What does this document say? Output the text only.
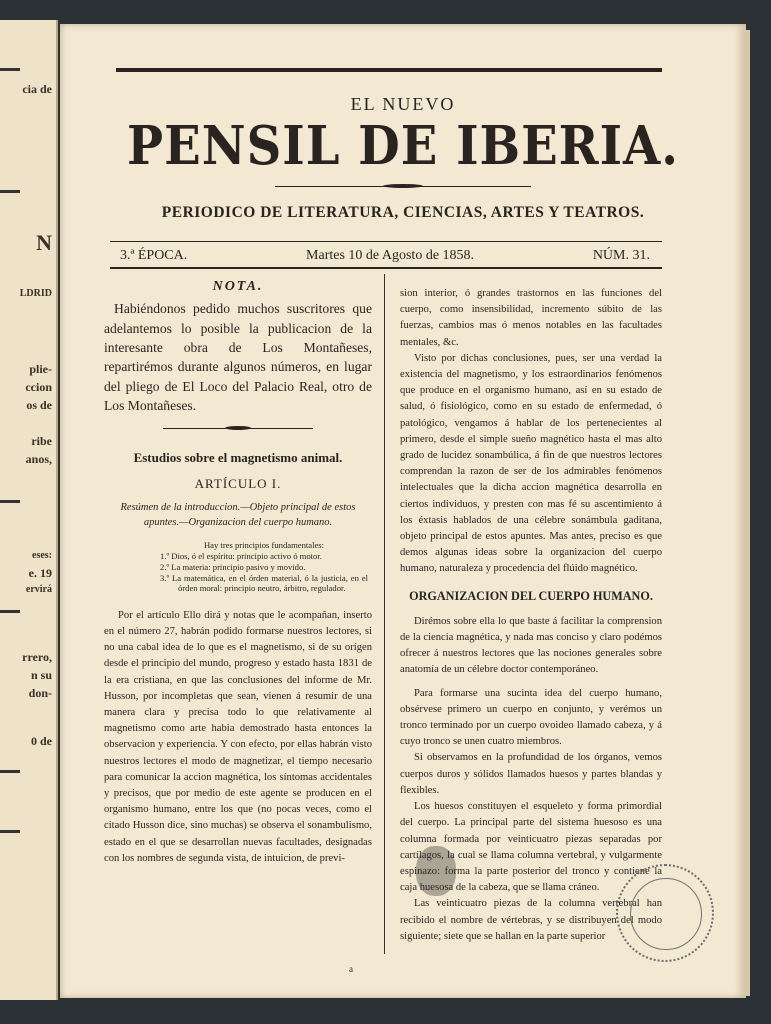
cia de
N
LDRID
plie-
ccion
os de
ribe
anos,
eses:
e. 19
ervirá
rrero,
n su
don-
0 de
EL NUEVO
PENSIL DE IBERIA.
PERIODICO DE LITERATURA, CIENCIAS, ARTES Y TEATROS.
3.ª ÉPOCA.	Martes 10 de Agosto de 1858.	NÚM. 31.
NOTA.

Habiéndonos pedido muchos suscritores que adelantemos lo posible la publicacion de la interesante obra de Los Montañeses, repartirémos durante algunos números, en lugar del pliego de El Loco del Palacio Real, otro de Los Montañeses.

Estudios sobre el magnetismo animal.
ARTÍCULO I.
Resúmen de la introduccion.—Objeto principal de estos apuntes.—Organizacion del cuerpo humano.
Hay tres principios fundamentales:

1.º Dios, ó el espíritu: principio activo ó motor.

2.º La materia: principio pasivo y movido.

3.º La matemática, en el órden material, ó la justicia, en el órden moral: principio neutro, árbitro, regulador.

Por el artículo Ello dirá y notas que le acompañan, inserto en el número 27, habrán podido formarse nuestros lectores, si no una cabal idea de lo que es el magnetismo, si de su orígen desde el principio del mundo, progreso y estado hasta 1831 de la era cristiana, en que las conclusiones del informe de Mr. Husson, por incompletas que sean, vienen á resumir de una manera clara y precisa todo lo que relativamente al magnetismo como arte habia demostrado hasta entonces la observacion y experiencia. Y con efecto, por ellas habrán visto nuestros lectores el modo de magnetizar, el tiempo necesario para comunicar la accion magnética, los síntomas accidentales y precisos, que por medio de este agente se producen en el organismo humano, entre los que (no pocas veces, como el citado Husson dice, sino muchas) se observa el sonambulismo, estado en el que se desarrollan nuevas facultades, designadas con los nombres de segunda vista, de intuicion, de previ-

sion interior, ó grandes trastornos en las funciones del cuerpo, como insensibilidad, incremento súbito de las fuerzas, cambios mas ó menos notables en las facultades mentales, &c.

Visto por dichas conclusiones, pues, ser una verdad la existencia del magnetismo, y los estraordinarios fenómenos que produce en el organismo humano, así en su estado de salud, ó fisiológico, como en su estado de enfermedad, ó patológico, vengamos á hablar de los pertenecientes al primero, desde el simple sueño magnético hasta el mas alto grado de lucidez sonambúlica, á fin de que nuestros lectores comprendan la razon de ser de los admirables fenómenos intelectuales que la dicha accion magnética desarrolla en ciertos individuos, y presten con mas fé su ascentimiento á los éxtasis hablados de una célebre sonámbula gaditana, objeto principal de estos apuntes. Mas antes, preciso es que demos algunas ideas sobre la organizacion del cuerpo humano, naturaleza y procedencia del flúido magnético.

ORGANIZACION DEL CUERPO HUMANO.

Dirémos sobre ella lo que baste á facilitar la comprension de la ciencia magnética, y nada mas conciso y claro podémos ofrecer á nuestros lectores que las nociones generales sobre anatomía de un célebre doctor contemporáneo.

Para formarse una sucinta idea del cuerpo humano, obsérvese primero un cuerpo en conjunto, y verémos un tronco terminado por un cuerpo ovoideo llamado cabeza, y á cuyo tronco se unen cuatro miembros.

Si observamos en la profundidad de los órganos, vemos cuerpos duros y sólidos llamados huesos y partes blandas y flexibles.

Los huesos constituyen el esqueleto y forma primordial del cuerpo. La principal parte del sistema huesoso es una columna formada por veinticuatro piezas separadas por cartílagos, la cual se llama columna vertebral, y vulgarmente espinazo: forma la parte posterior del tronco y contiene la caja huesosa de la cabeza, que se llama cráneo.

Las veinticuatro piezas de la columna vertebral han recibido el nombre de vértebras, y se distribuyen del modo siguiente; siete que se hallan en la parte superior

a
